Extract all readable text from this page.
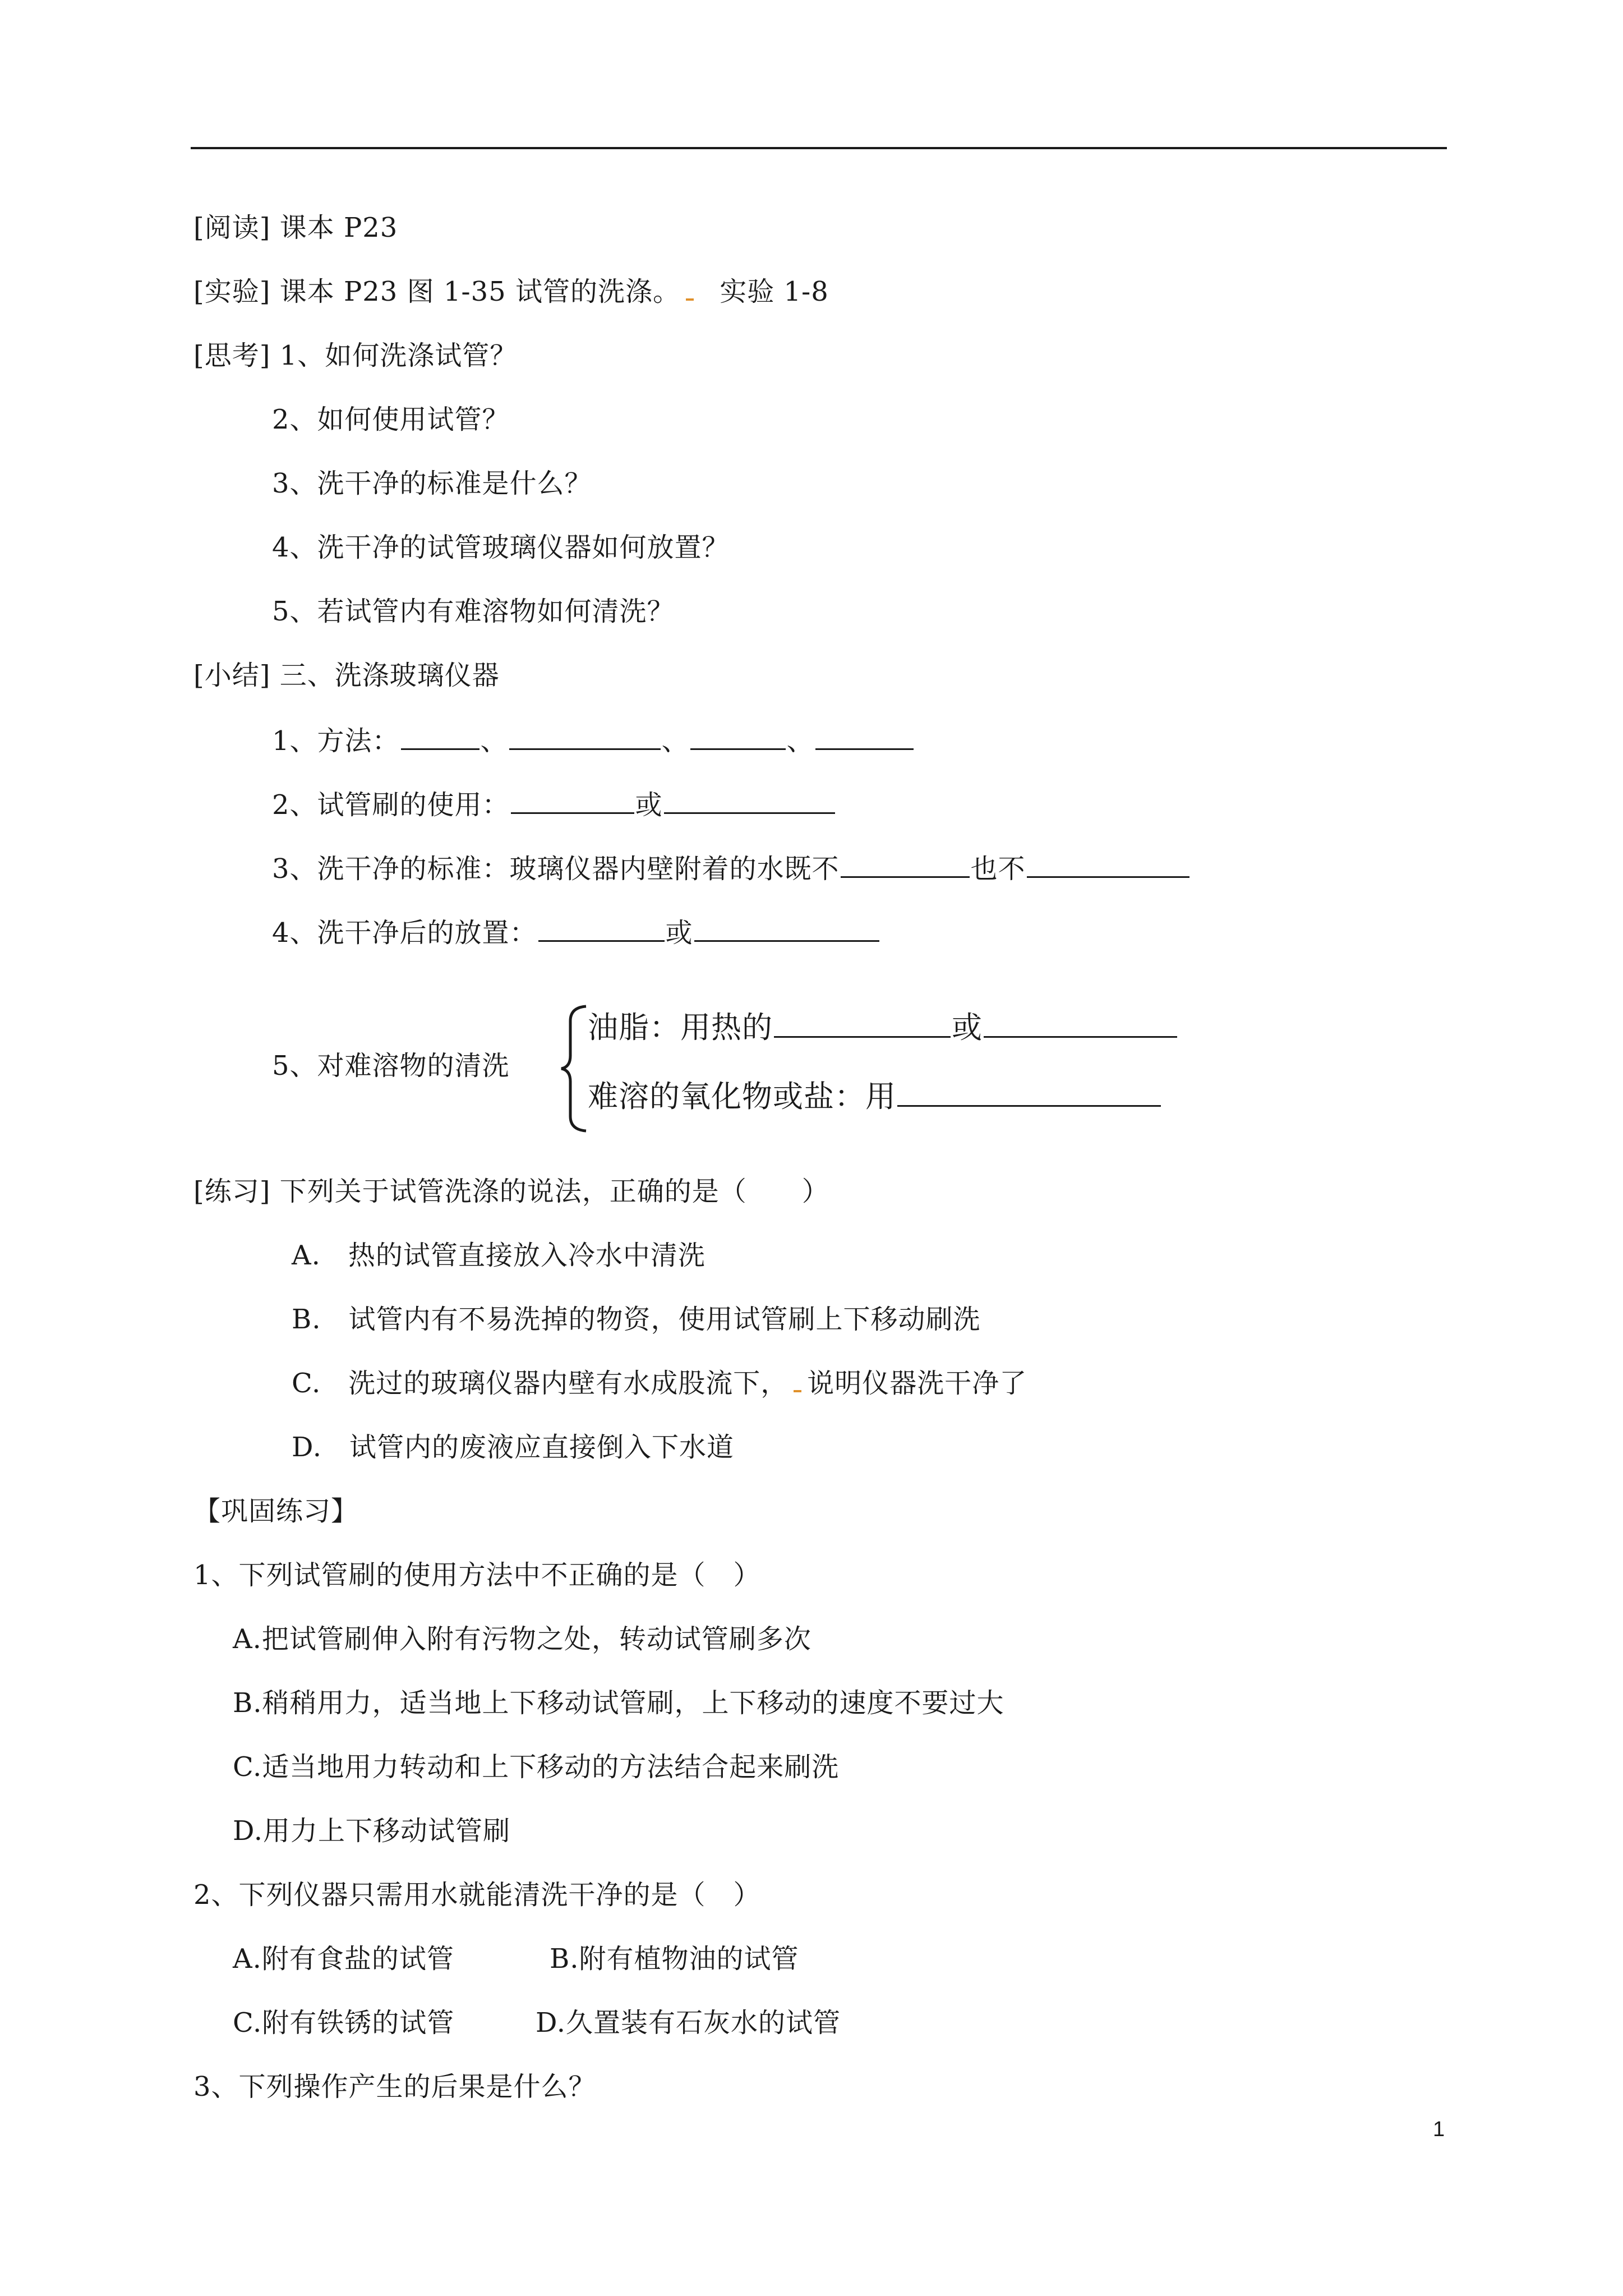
[阅读] 课本 P23
[实验] 课本 P23 图 1-35 试管的洗涤。 实验 1-8
[思考] 1、如何洗涤试管？
2、如何使用试管？
3、洗干净的标准是什么？
4、洗干净的试管玻璃仪器如何放置？
5、若试管内有难溶物如何清洗？
[小结] 三、洗涤玻璃仪器
1、方法：	、	、	、
2、试管刷的使用：	或
3、洗干净的标准：玻璃仪器内壁附着的水既不	也不
4、洗干净后的放置：	或
5、对难溶物的清洗
油脂：用热的	或
难溶的氧化物或盐：用
[练习] 下列关于试管洗涤的说法，正确的是（　　）
A.　热的试管直接放入冷水中清洗
B.　试管内有不易洗掉的物资，使用试管刷上下移动刷洗
C.　洗过的玻璃仪器内壁有水成股流下， 说明仪器洗干净了
D.　试管内的废液应直接倒入下水道
【巩固练习】
1、下列试管刷的使用方法中不正确的是（　）
A.把试管刷伸入附有污物之处，转动试管刷多次
B.稍稍用力，适当地上下移动试管刷，上下移动的速度不要过大
C.适当地用力转动和上下移动的方法结合起来刷洗
D.用力上下移动试管刷
2、下列仪器只需用水就能清洗干净的是（　）
A.附有食盐的试管	B.附有植物油的试管
C.附有铁锈的试管	D.久置装有石灰水的试管
3、下列操作产生的后果是什么？
1
